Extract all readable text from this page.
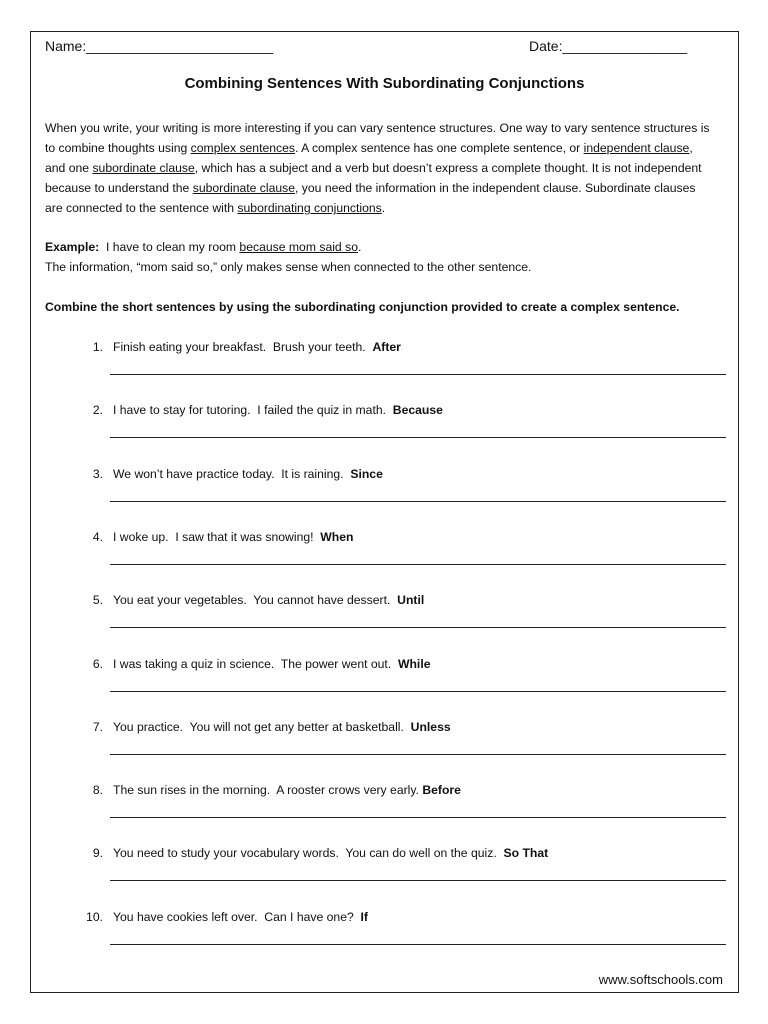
Name:________________________	Date:________________
Combining Sentences With Subordinating Conjunctions
When you write, your writing is more interesting if you can vary sentence structures. One way to vary sentence structures is to combine thoughts using complex sentences. A complex sentence has one complete sentence, or independent clause, and one subordinate clause, which has a subject and a verb but doesn’t express a complete thought. It is not independent because to understand the subordinate clause, you need the information in the independent clause. Subordinate clauses are connected to the sentence with subordinating conjunctions.
Example:  I have to clean my room because mom said so.
The information, “mom said so,” only makes sense when connected to the other sentence.
Combine the short sentences by using the subordinating conjunction provided to create a complex sentence.
1. Finish eating your breakfast.  Brush your teeth.  After
2. I have to stay for tutoring.  I failed the quiz in math.  Because
3. We won’t have practice today.  It is raining.  Since
4. I woke up.  I saw that it was snowing!  When
5. You eat your vegetables.  You cannot have dessert.  Until
6. I was taking a quiz in science.  The power went out.  While
7. You practice.  You will not get any better at basketball.  Unless
8. The sun rises in the morning.  A rooster crows very early. Before
9. You need to study your vocabulary words.  You can do well on the quiz.  So That
10. You have cookies left over.  Can I have one?  If
www.softschools.com
